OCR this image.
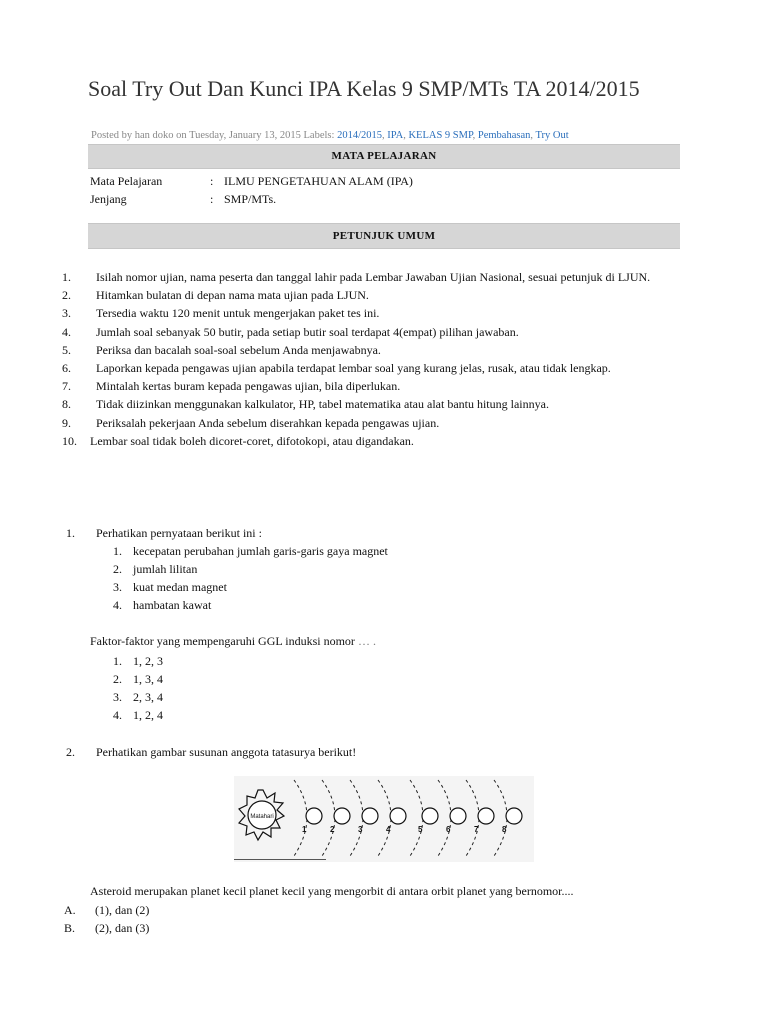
Soal Try Out Dan Kunci IPA Kelas 9 SMP/MTs TA 2014/2015
Posted by han doko on Tuesday, January 13, 2015 Labels: 2014/2015, IPA, KELAS 9 SMP, Pembahasan, Try Out
MATA PELAJARAN
Mata Pelajaran	: ILMU PENGETAHUAN ALAM (IPA)
Jenjang	: SMP/MTs.
PETUNJUK UMUM
1.	Isilah nomor ujian, nama peserta dan tanggal lahir pada Lembar Jawaban Ujian Nasional, sesuai petunjuk di LJUN.
2.	Hitamkan bulatan di depan nama mata ujian pada LJUN.
3.	Tersedia waktu 120 menit untuk mengerjakan paket tes ini.
4.	Jumlah soal sebanyak 50 butir, pada setiap butir soal terdapat 4(empat) pilihan jawaban.
5.	Periksa dan bacalah soal-soal sebelum Anda menjawabnya.
6.	Laporkan kepada pengawas ujian apabila terdapat lembar soal yang kurang jelas, rusak, atau tidak lengkap.
7.	Mintalah kertas buram kepada pengawas ujian, bila diperlukan.
8.	Tidak diizinkan menggunakan kalkulator, HP, tabel matematika atau alat bantu hitung lainnya.
9.	Periksalah pekerjaan Anda sebelum diserahkan kepada pengawas ujian.
10.	Lembar soal tidak boleh dicoret-coret, difotokopi, atau digandakan.
1. Perhatikan pernyataan berikut ini :
1. kecepatan perubahan jumlah garis-garis gaya magnet
2. jumlah lilitan
3. kuat medan magnet
4. hambatan kawat
Faktor-faktor yang mempengaruhi GGL induksi nomor … .
1. 1, 2, 3
2. 1, 3, 4
3. 2, 3, 4
4. 1, 2, 4
2. Perhatikan gambar susunan anggota tatasurya berikut!
Matahari
1	2	3	4	5	6	7	8
Asteroid merupakan planet kecil planet kecil yang mengorbit di antara orbit planet yang bernomor....
A. (1), dan (2)
B. (2), dan (3)
